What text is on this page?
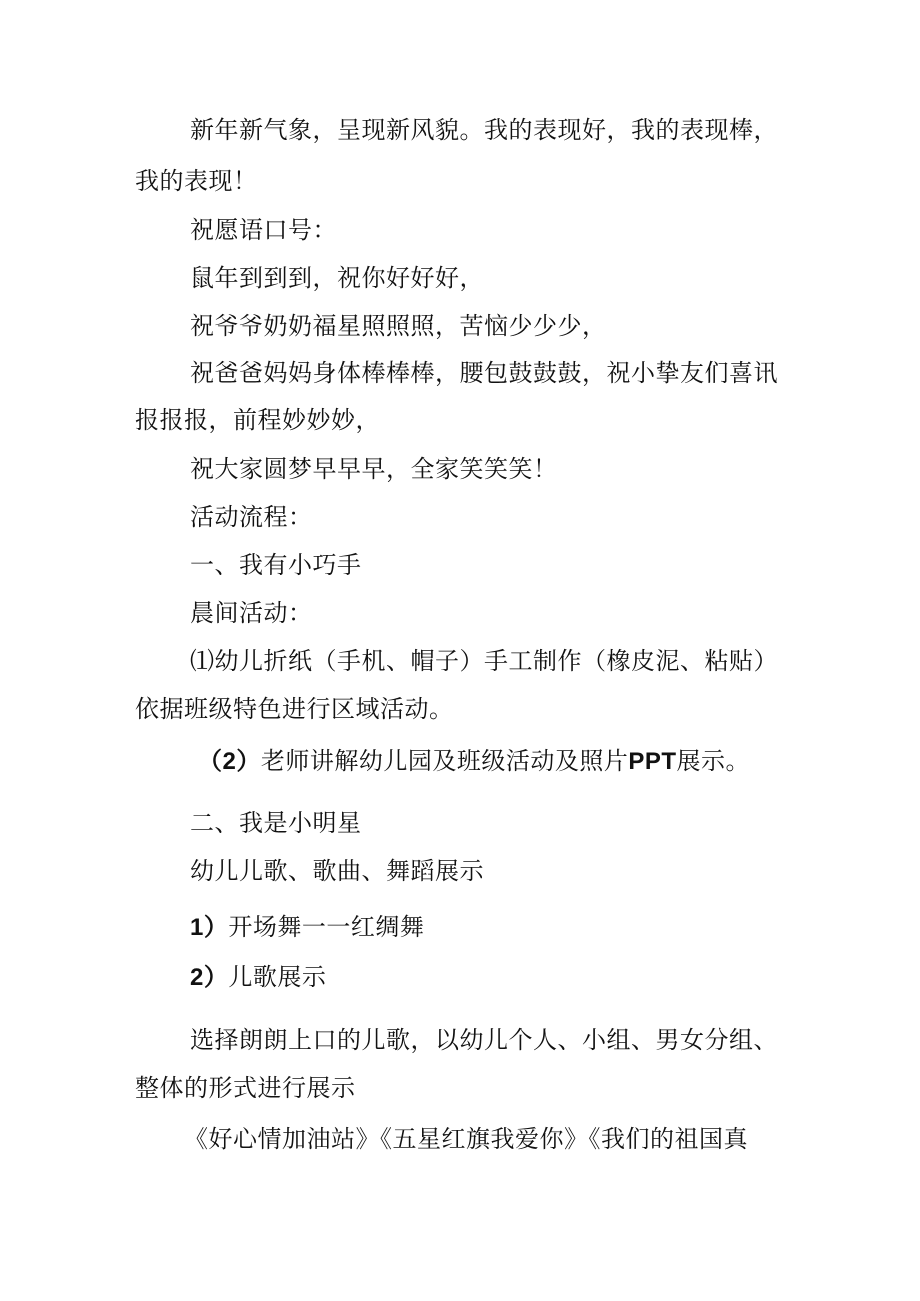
新年新气象，呈现新风貌。我的表现好，我的表现棒，
我的表现！
祝愿语口号：
鼠年到到到，祝你好好好，
祝爷爷奶奶福星照照照，苦恼少少少，
祝爸爸妈妈身体棒棒棒，腰包鼓鼓鼓，祝小挚友们喜讯
报报报，前程妙妙妙，
祝大家圆梦早早早，全家笑笑笑！
活动流程：
一、我有小巧手
晨间活动：
⑴幼儿折纸（手机、帽子）手工制作（橡皮泥、粘贴）
依据班级特色进行区域活动。
（2）老师讲解幼儿园及班级活动及照片PPT展示。
二、我是小明星
幼儿儿歌、歌曲、舞蹈展示
1）开场舞一一红绸舞
2）儿歌展示
选择朗朗上口的儿歌，以幼儿个人、小组、男女分组、
整体的形式进行展示
《好心情加油站》《五星红旗我爱你》《我们的祖国真
